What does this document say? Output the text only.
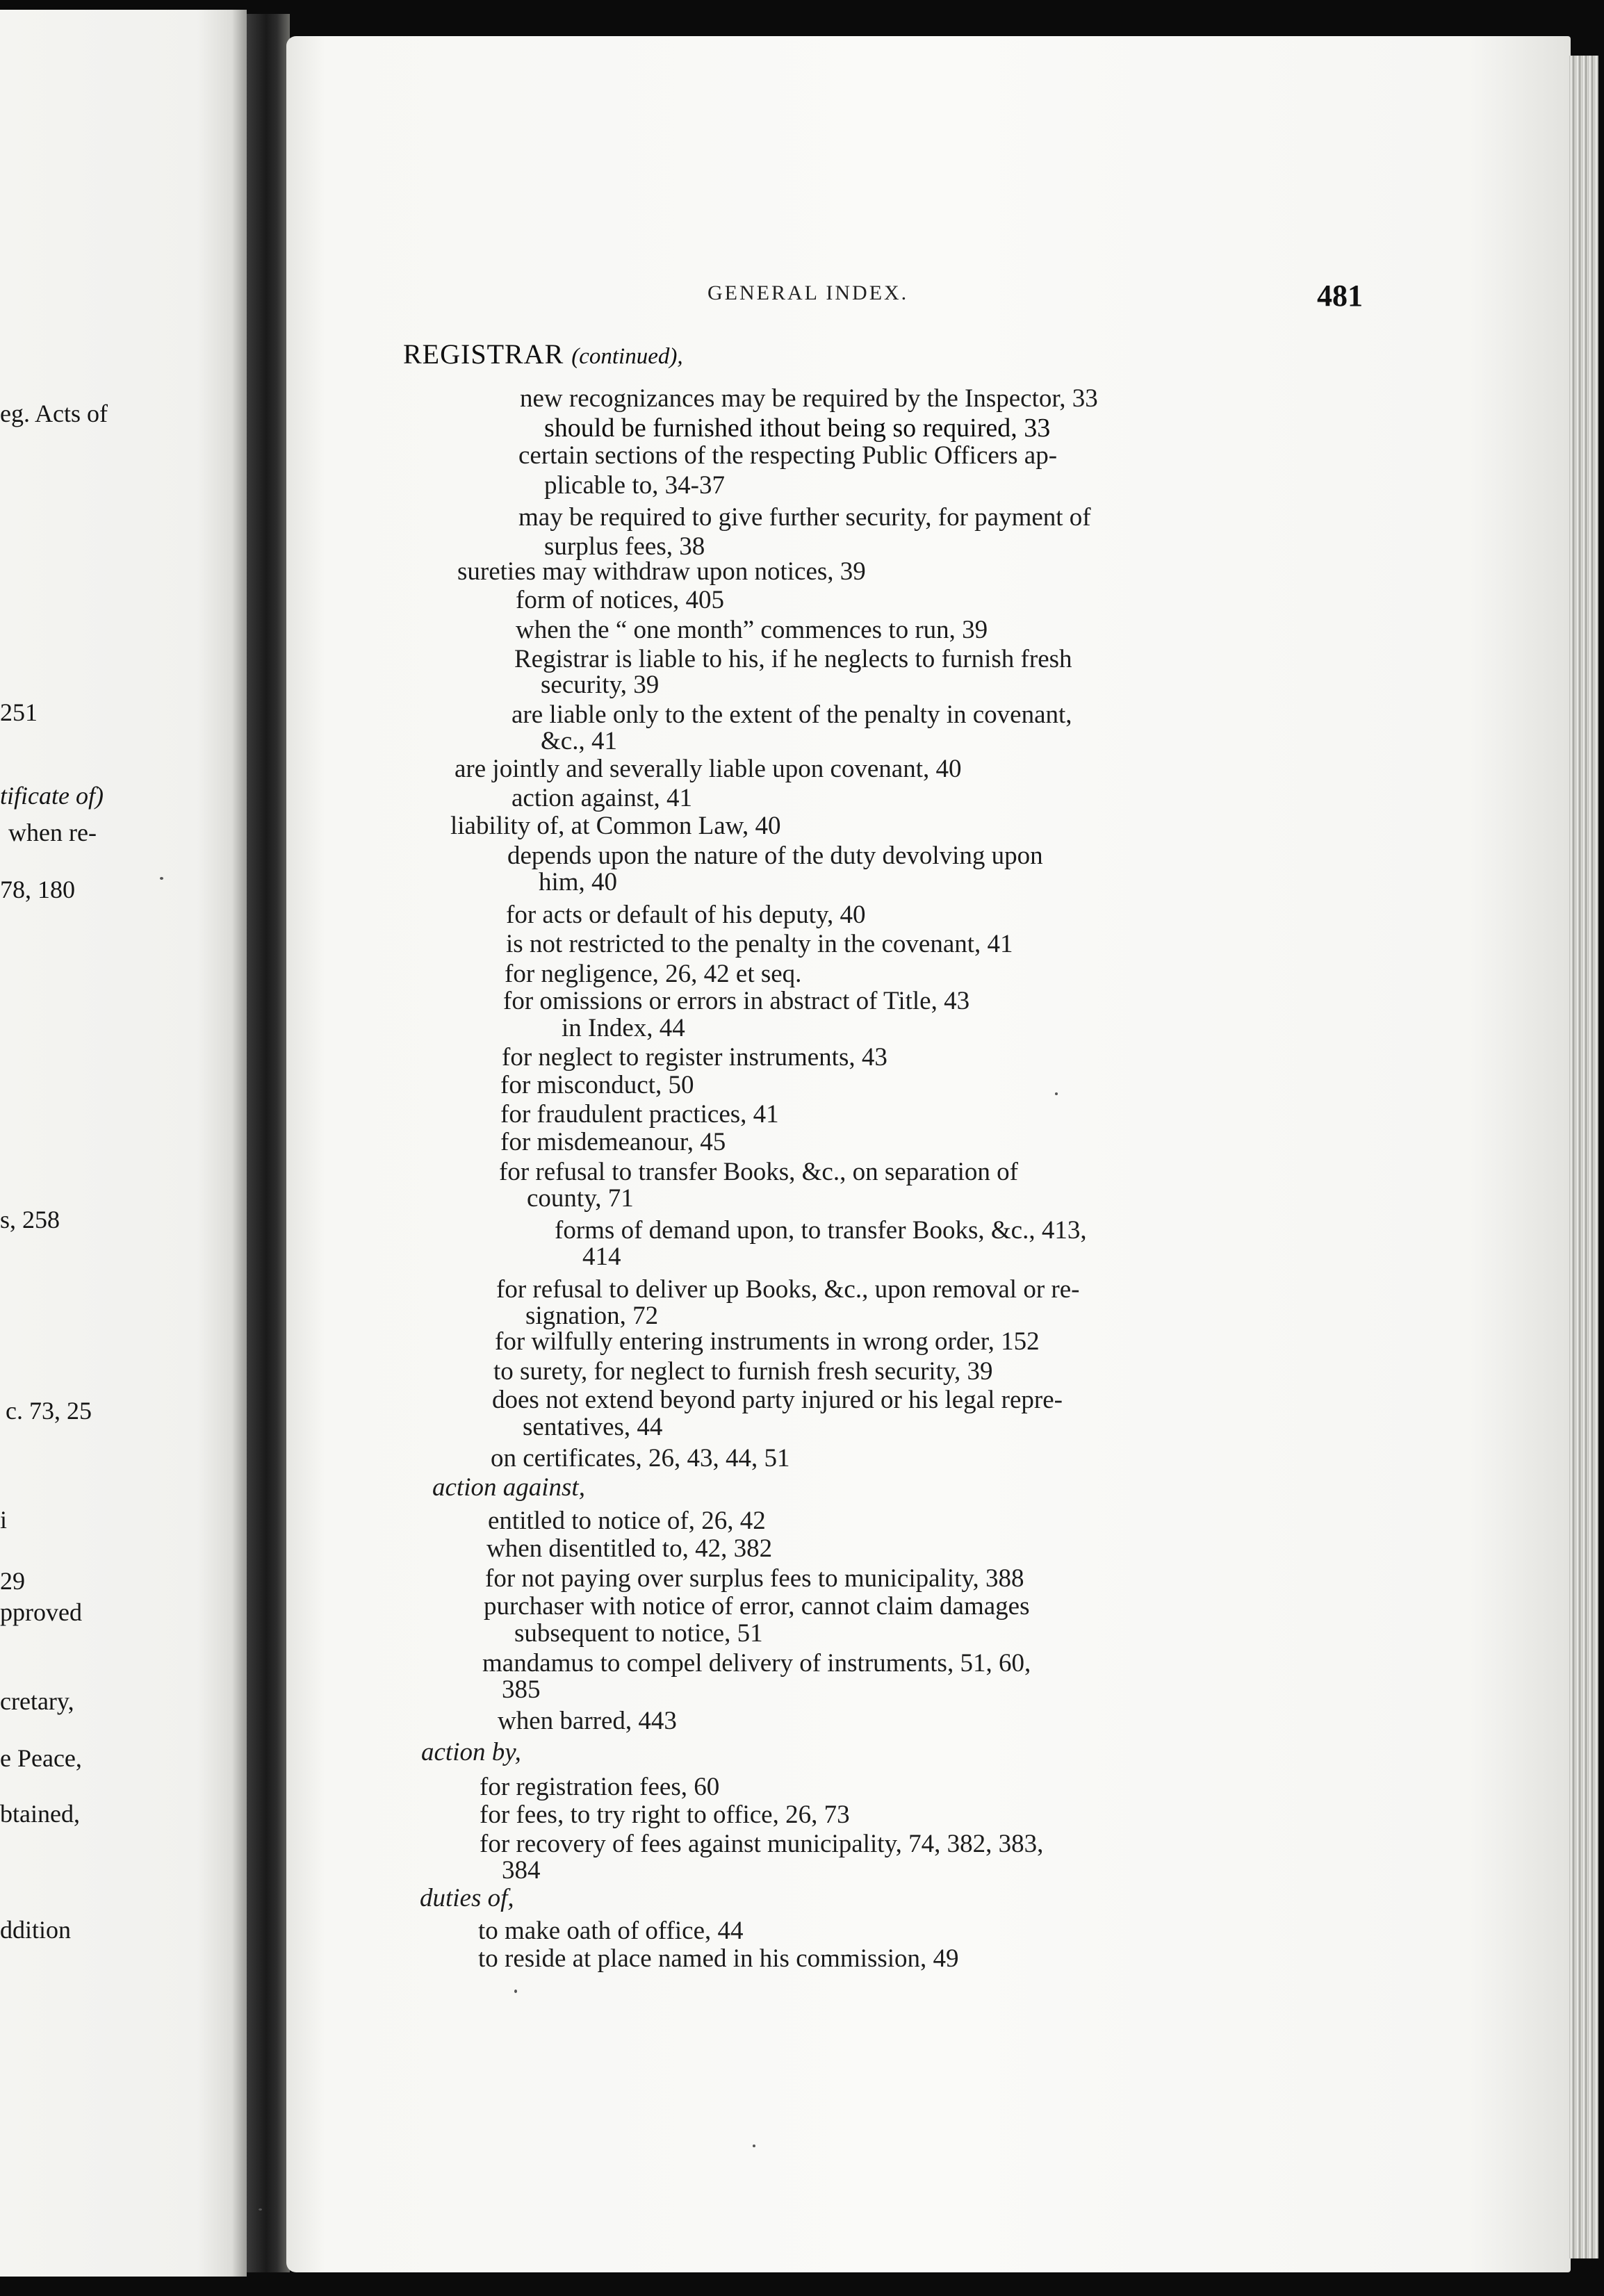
eg. Acts of
251
tificate of)
when re-
78, 180
s, 258
c. 73, 25
i
29
pproved
cretary,
e Peace,
btained,
ddition
GENERAL INDEX.	481
REGISTRAR (continued),
new recognizances may be required by the Inspector, 33
should be furnished ithout being so required, 33
certain sections of the respecting Public Officers ap-
plicable to, 34-37
may be required to give further security, for payment of
surplus fees, 38
sureties may withdraw upon notices, 39
form of notices, 405
when the “ one month” commences to run, 39
Registrar is liable to his, if he neglects to furnish fresh
security, 39
are liable only to the extent of the penalty in covenant,
&c., 41
are jointly and severally liable upon covenant, 40
action against, 41
liability of, at Common Law, 40
depends upon the nature of the duty devolving upon
him, 40
for acts or default of his deputy, 40
is not restricted to the penalty in the covenant, 41
for negligence, 26, 42 et seq.
for omissions or errors in abstract of Title, 43
in Index, 44
for neglect to register instruments, 43
for misconduct, 50
for fraudulent practices, 41
for misdemeanour, 45
for refusal to transfer Books, &c., on separation of
county, 71
forms of demand upon, to transfer Books, &c., 413,
414
for refusal to deliver up Books, &c., upon removal or re-
signation, 72
for wilfully entering instruments in wrong order, 152
to surety, for neglect to furnish fresh security, 39
does not extend beyond party injured or his legal repre-
sentatives, 44
on certificates, 26, 43, 44, 51
action against,
entitled to notice of, 26, 42
when disentitled to, 42, 382
for not paying over surplus fees to municipality, 388
purchaser with notice of error, cannot claim damages
subsequent to notice, 51
mandamus to compel delivery of instruments, 51, 60,
385
when barred, 443
action by,
for registration fees, 60
for fees, to try right to office, 26, 73
for recovery of fees against municipality, 74, 382, 383,
384
duties of,
to make oath of office, 44
to reside at place named in his commission, 49
